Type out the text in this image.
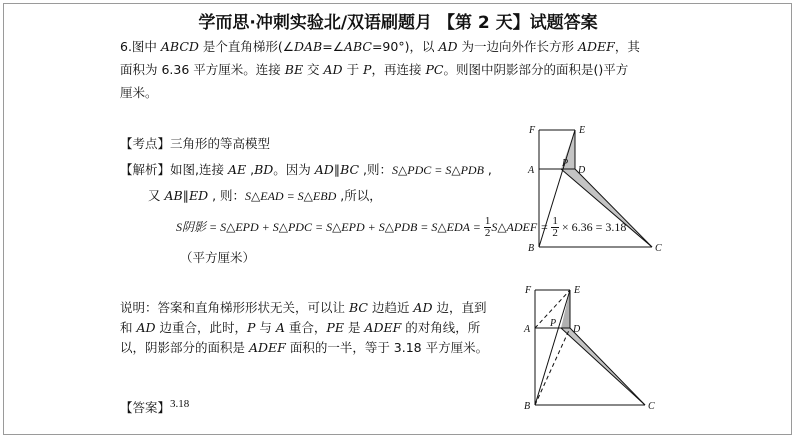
学而思·冲刺实验北/双语刷题月 【第 2 天】试题答案
6.图中 ABCD 是个直角梯形(∠DAB=∠ABC=90°)，以 AD 为一边向外作长方形 ADEF，其
面积为 6.36 平方厘米。连接 BE 交 AD 于 P，再连接 PC。则图中阴影部分的面积是()平方
厘米。
【考点】三角形的等高模型
【解析】如图,连接 AE ,BD。因为 AD∥BC ,则：S△PDC = S△PDB ,
又 AB∥ED , 则：S△EAD = S△EBD ,所以，
S阴影 = S△EPD + S△PDC = S△EPD + S△PDB = S△EDA = $\frac{1}{2}$ S△ADEF = $\frac{1}{2} \times 6.36 = 3.18$
（平方厘米）
说明：答案和直角梯形形状无关，可以让 BC 边趋近 AD 边，直到和 AD 边重合，此时，P 与 A 重合，PE 是 ADEF 的对角线，所以，阴影部分的面积是 ADEF 面积的一半，等于 3.18 平方厘米。
【答案】3.18
F	E
A
P
D
B	C
F	E
A
P
D
B	C
